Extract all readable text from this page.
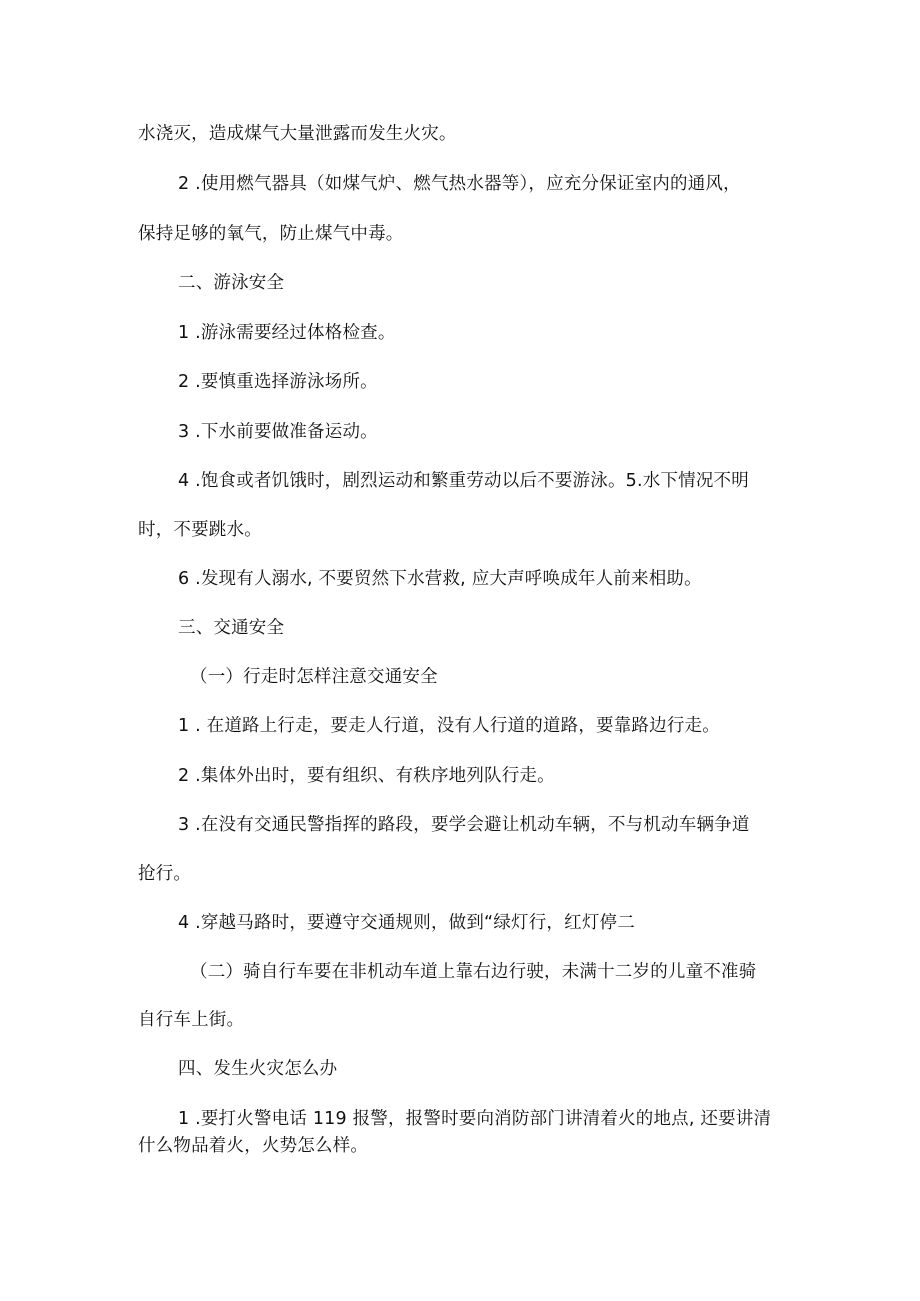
水浇灭，造成煤气大量泄露而发生火灾。
2 .使用燃气器具（如煤气炉、燃气热水器等），应充分保证室内的通风，
保持足够的氧气，防止煤气中毒。
二、游泳安全
1 .游泳需要经过体格检查。
2 .要慎重选择游泳场所。
3 .下水前要做准备运动。
4 .饱食或者饥饿时，剧烈运动和繁重劳动以后不要游泳。5.水下情况不明
时，不要跳水。
6 .发现有人溺水, 不要贸然下水营救, 应大声呼唤成年人前来相助。
三、交通安全
（一）行走时怎样注意交通安全
1 . 在道路上行走，要走人行道，没有人行道的道路，要靠路边行走。
2 .集体外出时，要有组织、有秩序地列队行走。
3 .在没有交通民警指挥的路段，要学会避让机动车辆，不与机动车辆争道
抢行。
4 .穿越马路时，要遵守交通规则，做到“绿灯行，红灯停二
（二）骑自行车要在非机动车道上靠右边行驶，未满十二岁的儿童不准骑
自行车上街。
四、发生火灾怎么办
1 .要打火警电话 119 报警，报警时要向消防部门讲清着火的地点, 还要讲清
什么物品着火，火势怎么样。
